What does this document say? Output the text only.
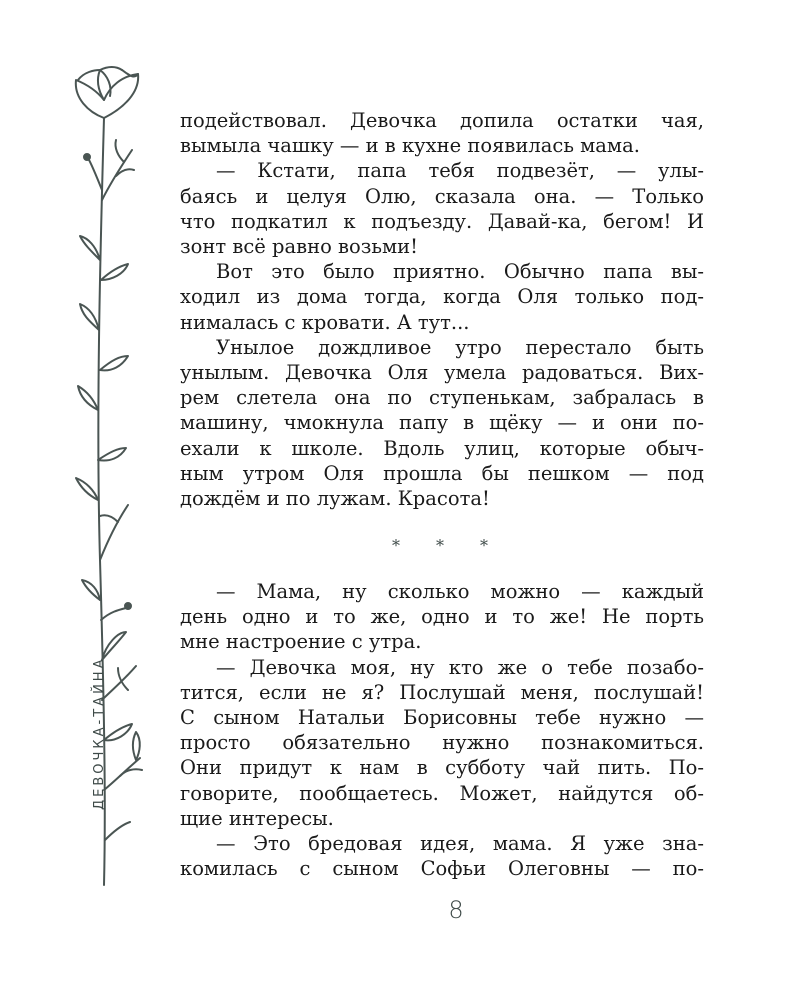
ДЕВОЧКА-ТАЙНА
подействовал. Девочка допила остатки чая,
вымыла чашку — и в кухне появилась мама.
— Кстати, папа тебя подвезёт, — улы-
баясь и целуя Олю, сказала она. — Только
что подкатил к подъезду. Давай-ка, бегом! И
зонт всё равно возьми!
Вот это было приятно. Обычно папа вы-
ходил из дома тогда, когда Оля только под-
нималась с кровати. А тут...
Унылое дождливое утро перестало быть
унылым. Девочка Оля умела радоваться. Вих-
рем слетела она по ступенькам, забралась в
машину, чмокнула папу в щёку — и они по-
ехали к школе. Вдоль улиц, которые обыч-
ным утром Оля прошла бы пешком — под
дождём и по лужам. Красота!
* * *
— Мама, ну сколько можно — каждый
день одно и то же, одно и то же! Не порть
мне настроение с утра.
— Девочка моя, ну кто же о тебе позабо-
тится, если не я? Послушай меня, послушай!
С сыном Натальи Борисовны тебе нужно —
просто обязательно нужно познакомиться.
Они придут к нам в субботу чай пить. По-
говорите, пообщаетесь. Может, найдутся об-
щие интересы.
— Это бредовая идея, мама. Я уже зна-
комилась с сыном Софьи Олеговны — по-
8
